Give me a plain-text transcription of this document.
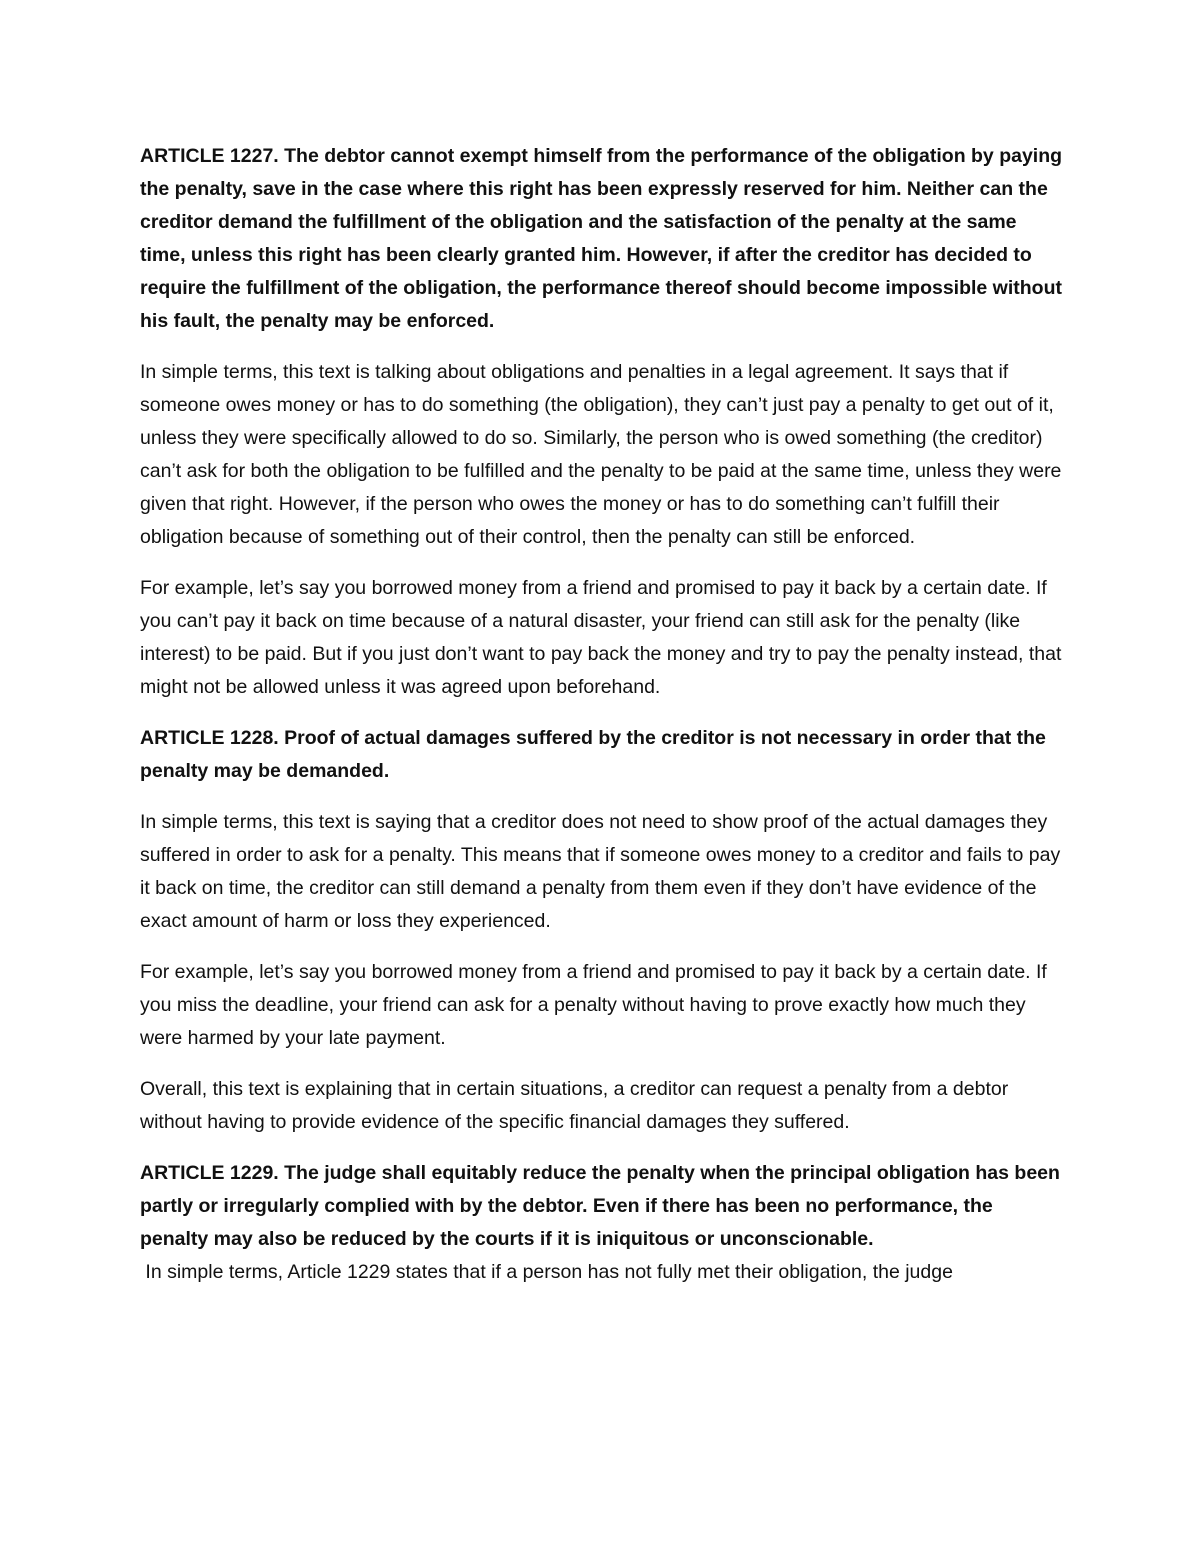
ARTICLE 1227. The debtor cannot exempt himself from the performance of the obligation by paying the penalty, save in the case where this right has been expressly reserved for him. Neither can the creditor demand the fulfillment of the obligation and the satisfaction of the penalty at the same time, unless this right has been clearly granted him. However, if after the creditor has decided to require the fulfillment of the obligation, the performance thereof should become impossible without his fault, the penalty may be enforced.

In simple terms, this text is talking about obligations and penalties in a legal agreement. It says that if someone owes money or has to do something (the obligation), they can’t just pay a penalty to get out of it, unless they were specifically allowed to do so. Similarly, the person who is owed something (the creditor) can’t ask for both the obligation to be fulfilled and the penalty to be paid at the same time, unless they were given that right. However, if the person who owes the money or has to do something can’t fulfill their obligation because of something out of their control, then the penalty can still be enforced.

For example, let’s say you borrowed money from a friend and promised to pay it back by a certain date. If you can’t pay it back on time because of a natural disaster, your friend can still ask for the penalty (like interest) to be paid. But if you just don’t want to pay back the money and try to pay the penalty instead, that might not be allowed unless it was agreed upon beforehand.

ARTICLE 1228. Proof of actual damages suffered by the creditor is not necessary in order that the penalty may be demanded.

In simple terms, this text is saying that a creditor does not need to show proof of the actual damages they suffered in order to ask for a penalty. This means that if someone owes money to a creditor and fails to pay it back on time, the creditor can still demand a penalty from them even if they don’t have evidence of the exact amount of harm or loss they experienced.

For example, let’s say you borrowed money from a friend and promised to pay it back by a certain date. If you miss the deadline, your friend can ask for a penalty without having to prove exactly how much they were harmed by your late payment.

Overall, this text is explaining that in certain situations, a creditor can request a penalty from a debtor without having to provide evidence of the specific financial damages they suffered.

ARTICLE 1229. The judge shall equitably reduce the penalty when the principal obligation has been partly or irregularly complied with by the debtor. Even if there has been no performance, the penalty may also be reduced by the courts if it is iniquitous or unconscionable.

In simple terms, Article 1229 states that if a person has not fully met their obligation, the judge
